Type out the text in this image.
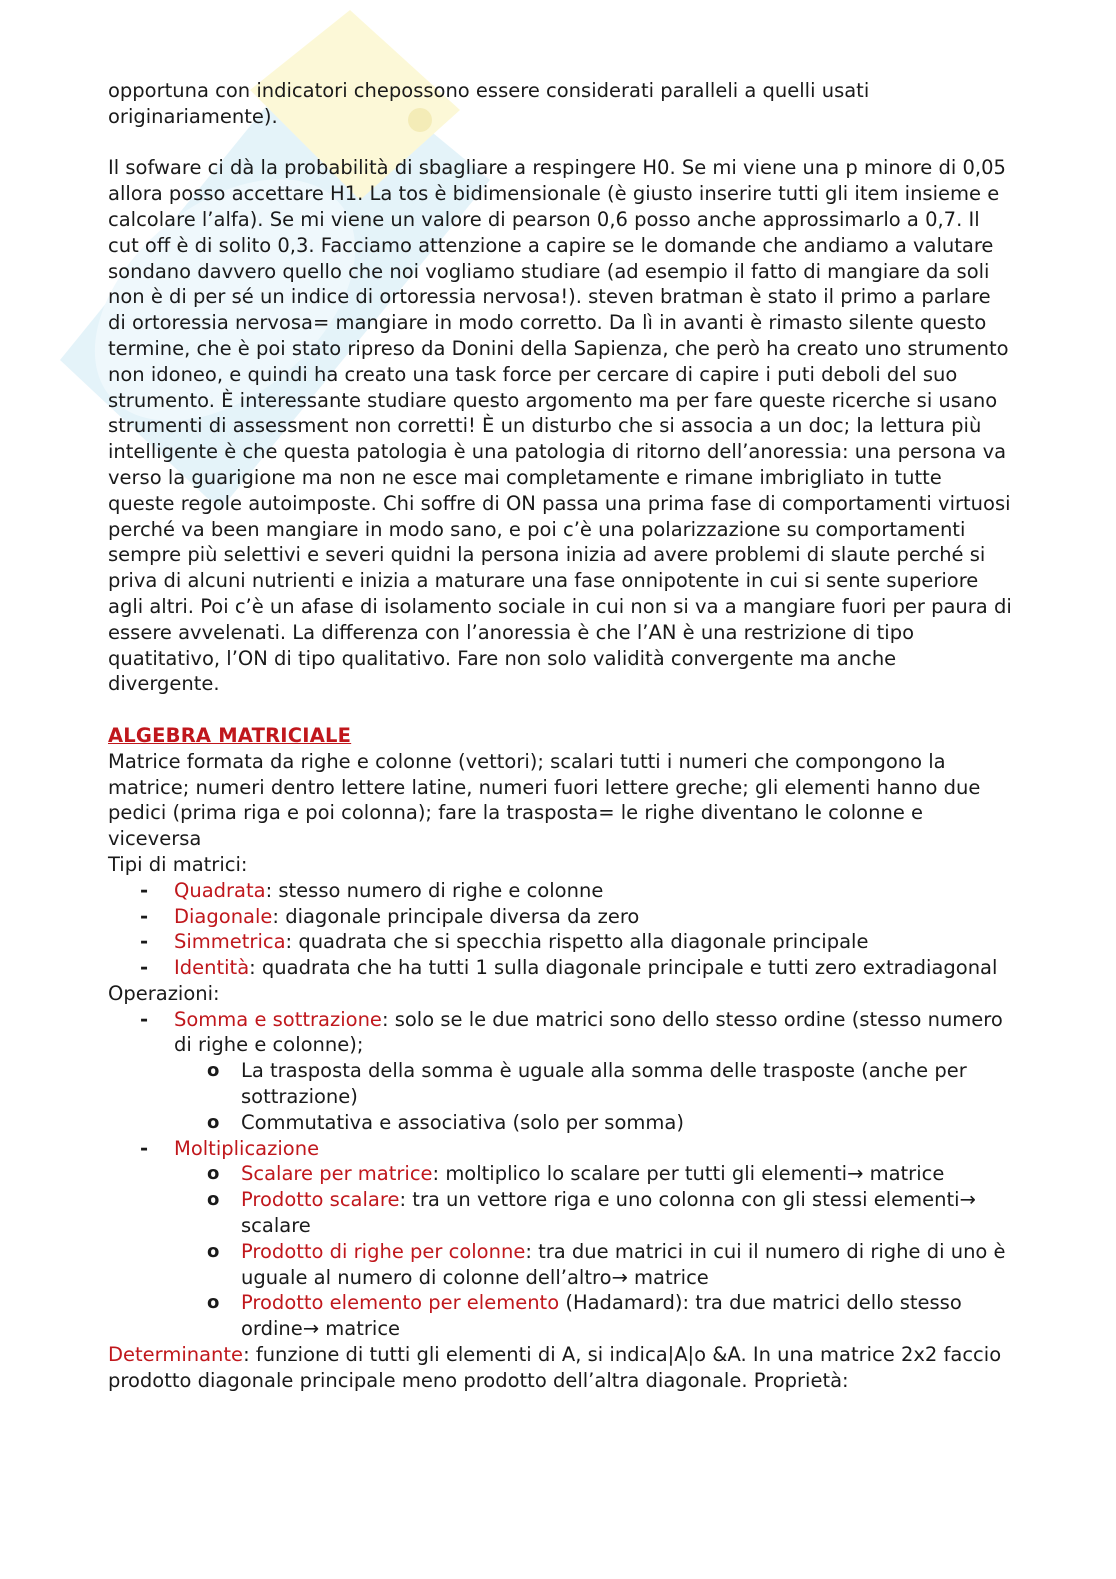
opportuna con indicatori chepossono essere considerati paralleli a quelli usati originariamente).

Il sofware ci dà la probabilità di sbagliare a respingere H0. Se mi viene una p minore di 0,05 allora posso accettare H1. La tos è bidimensionale (è giusto inserire tutti gli item insieme e calcolare l’alfa). Se mi viene un valore di pearson 0,6 posso anche approssimarlo a 0,7. Il cut off è di solito 0,3. Facciamo attenzione a capire se le domande che andiamo a valutare sondano davvero quello che noi vogliamo studiare (ad esempio il fatto di mangiare da soli non è di per sé un indice di ortoressia nervosa!). steven bratman è stato il primo a parlare di ortoressia nervosa= mangiare in modo corretto. Da lì in avanti è rimasto silente questo termine, che è poi stato ripreso da Donini della Sapienza, che però ha creato uno strumento non idoneo, e quindi ha creato una task force per cercare di capire i puti deboli del suo strumento. È interessante studiare questo argomento ma per fare queste ricerche si usano strumenti di assessment non corretti! È un disturbo che si associa a un doc; la lettura più intelligente è che questa patologia è una patologia di ritorno dell’anoressia: una persona va verso la guarigione ma non ne esce mai completamente e rimane imbrigliato in tutte queste regole autoimposte. Chi soffre di ON passa una prima fase di comportamenti virtuosi perché va been mangiare in modo sano, e poi c’è una polarizzazione su comportamenti sempre più selettivi e severi quidni la persona inizia ad avere problemi di slaute perché si priva di alcuni nutrienti e inizia a maturare una fase onnipotente in cui si sente superiore agli altri. Poi c’è un afase di isolamento sociale in cui non si va a mangiare fuori per paura di essere avvelenati. La differenza con l’anoressia è che l’AN è una restrizione di tipo quatitativo, l’ON di tipo qualitativo. Fare non solo validità convergente ma anche divergente.

ALGEBRA MATRICIALE

Matrice formata da righe e colonne (vettori); scalari tutti i numeri che compongono la matrice; numeri dentro lettere latine, numeri fuori lettere greche; gli elementi hanno due pedici (prima riga e poi colonna); fare la trasposta= le righe diventano le colonne e viceversa

Tipi di matrici:

- Quadrata: stesso numero di righe e colonne
- Diagonale: diagonale principale diversa da zero
- Simmetrica: quadrata che si specchia rispetto alla diagonale principale
- Identità: quadrata che ha tutti 1 sulla diagonale principale e tutti zero extradiagonal

Operazioni:

- Somma e sottrazione: solo se le due matrici sono dello stesso ordine (stesso numero di righe e colonne);
o La trasposta della somma è uguale alla somma delle trasposte (anche per sottrazione)
o Commutativa e associativa (solo per somma)
- Moltiplicazione
o Scalare per matrice: moltiplico lo scalare per tutti gli elementi→ matrice
o Prodotto scalare: tra un vettore riga e uno colonna con gli stessi elementi→ scalare
o Prodotto di righe per colonne: tra due matrici in cui il numero di righe di uno è uguale al numero di colonne dell’altro→ matrice
o Prodotto elemento per elemento (Hadamard): tra due matrici dello stesso ordine→ matrice

Determinante: funzione di tutti gli elementi di A, si indica|A|o &A. In una matrice 2x2 faccio prodotto diagonale principale meno prodotto dell’altra diagonale. Proprietà:
